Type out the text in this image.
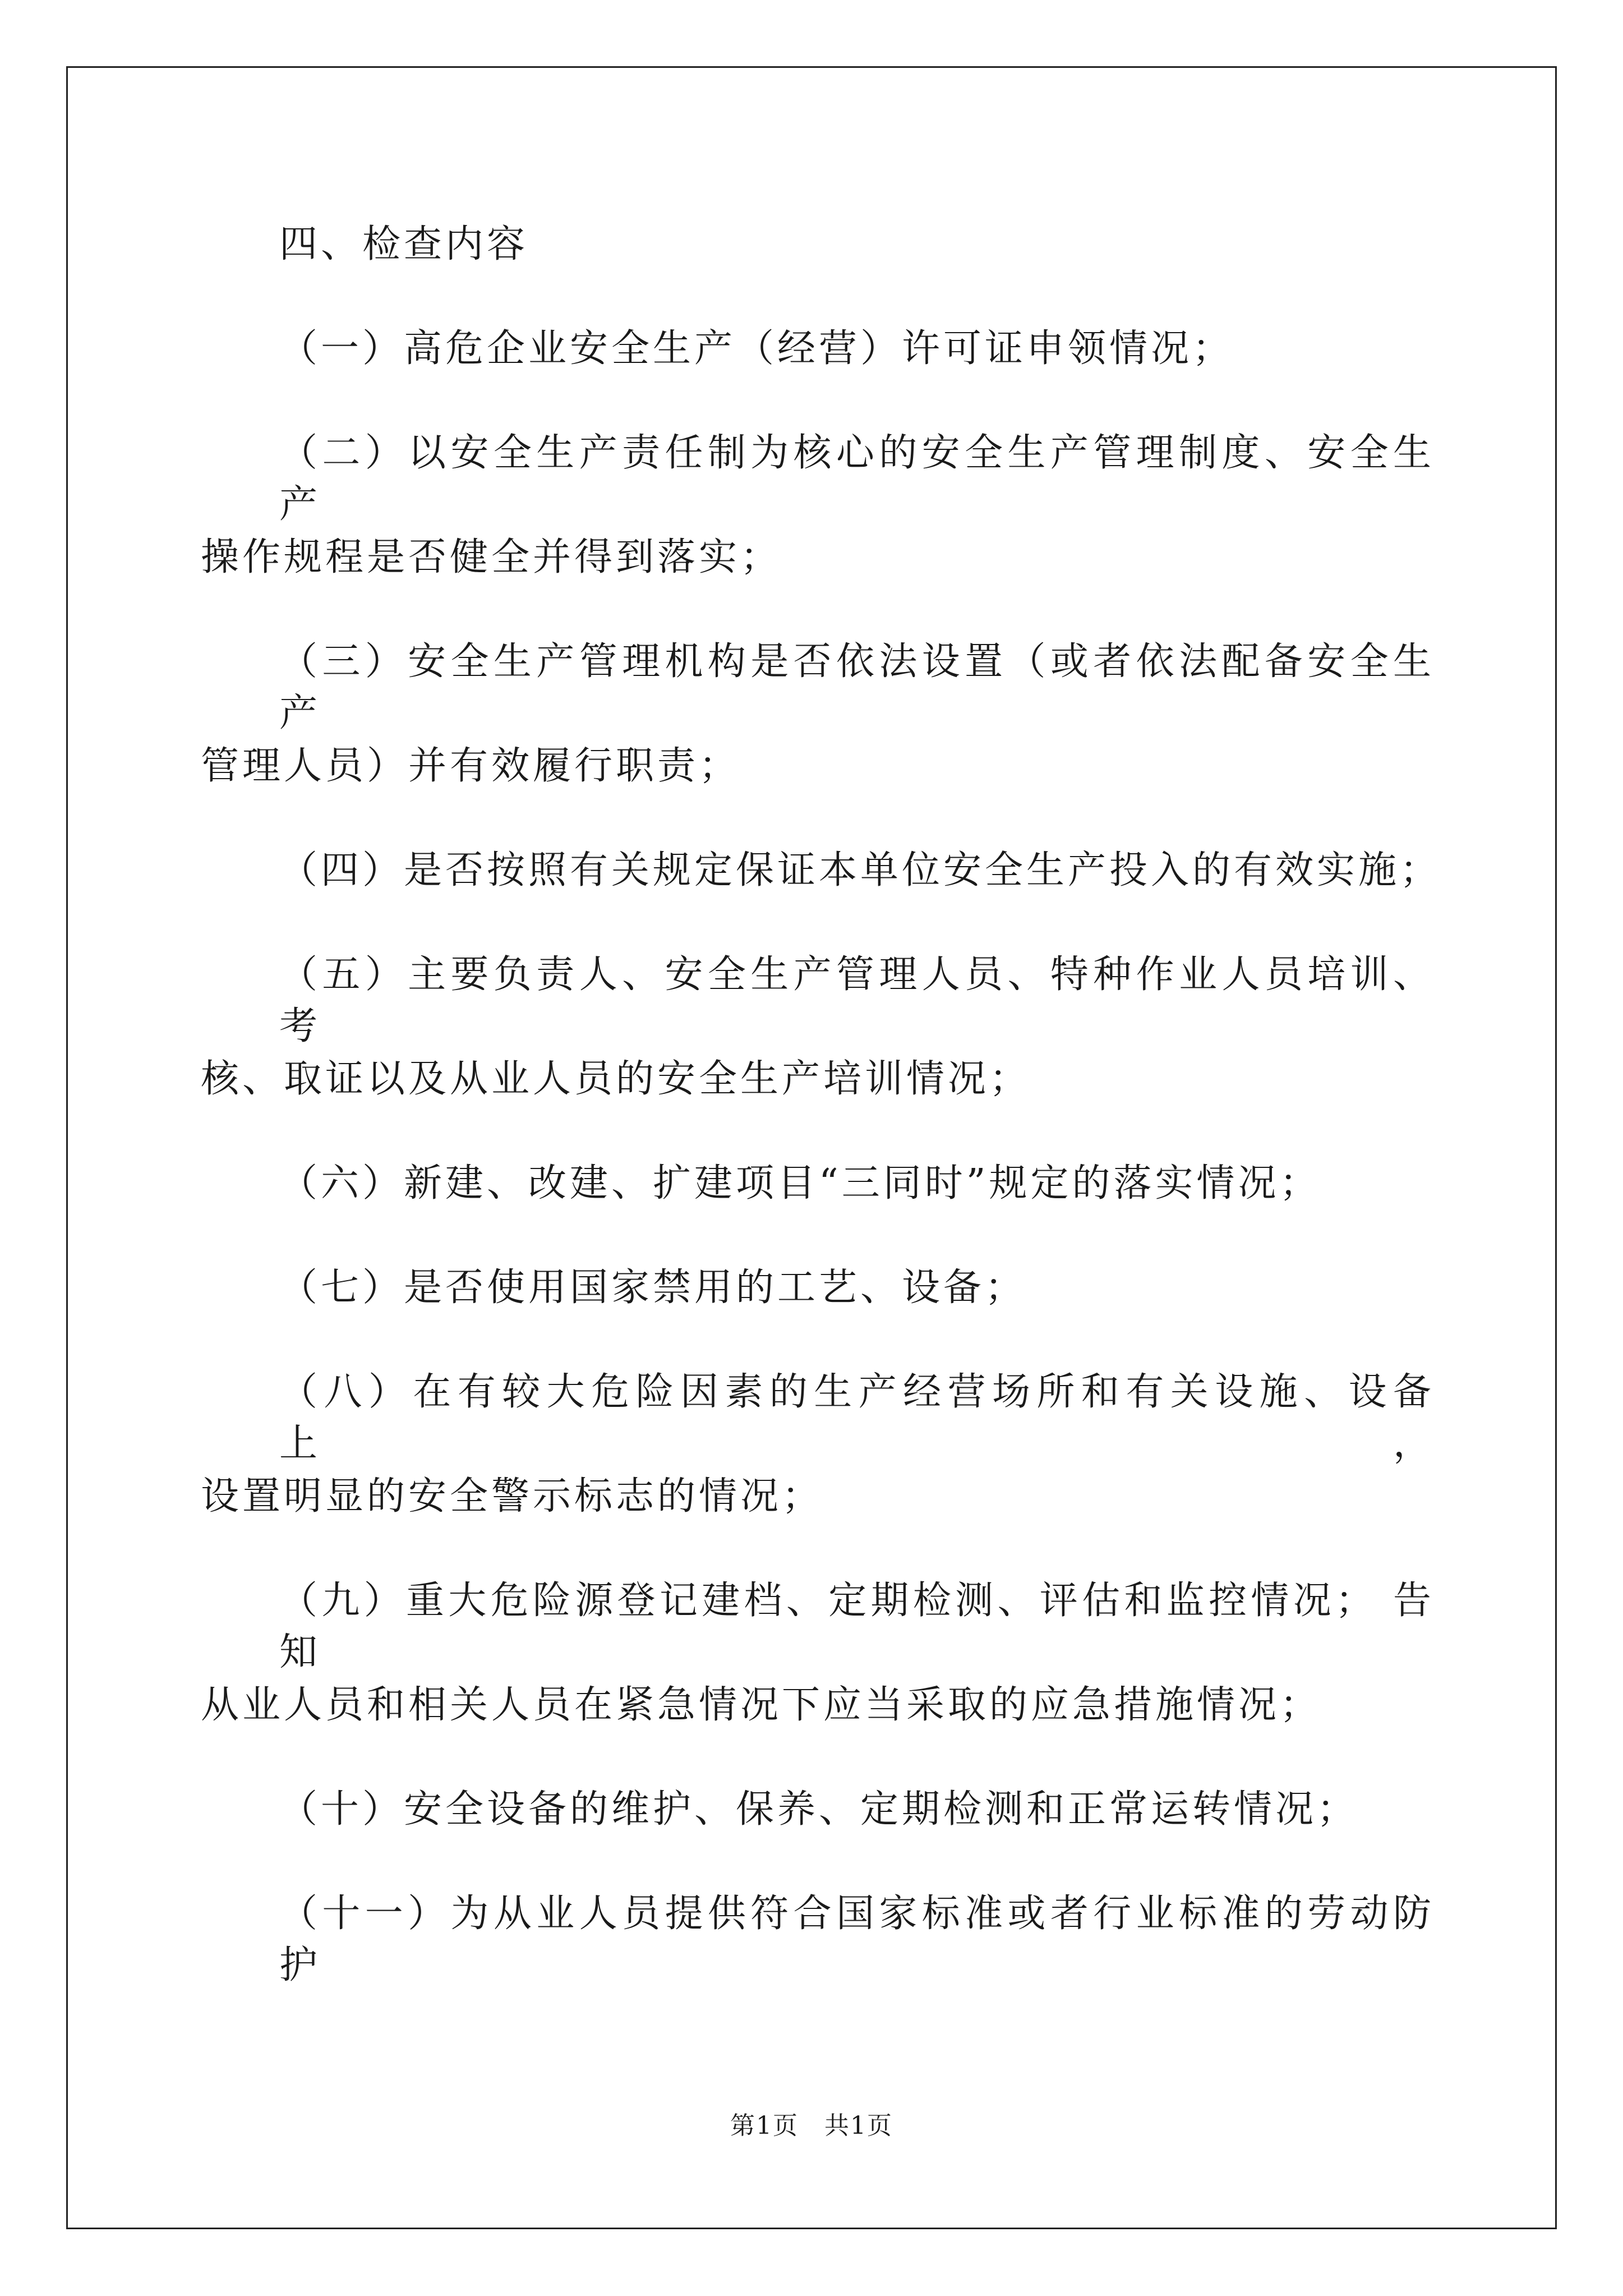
四、检查内容
（一）高危企业安全生产（经营）许可证申领情况；
（二）以安全生产责任制为核心的安全生产管理制度、安全生产
操作规程是否健全并得到落实；
（三）安全生产管理机构是否依法设置（或者依法配备安全生产
管理人员）并有效履行职责；
（四）是否按照有关规定保证本单位安全生产投入的有效实施；
（五）主要负责人、安全生产管理人员、特种作业人员培训、 考
核、取证以及从业人员的安全生产培训情况；
（六）新建、改建、扩建项目“三同时”规定的落实情况；
（七）是否使用国家禁用的工艺、设备；
（八）在有较大危险因素的生产经营场所和有关设施、设备上，
设置明显的安全警示标志的情况；
（九）重大危险源登记建档、定期检测、评估和监控情况； 告知
从业人员和相关人员在紧急情况下应当采取的应急措施情况；
（十）安全设备的维护、保养、定期检测和正常运转情况；
（十一）为从业人员提供符合国家标准或者行业标准的劳动防护
第1页　共1页
